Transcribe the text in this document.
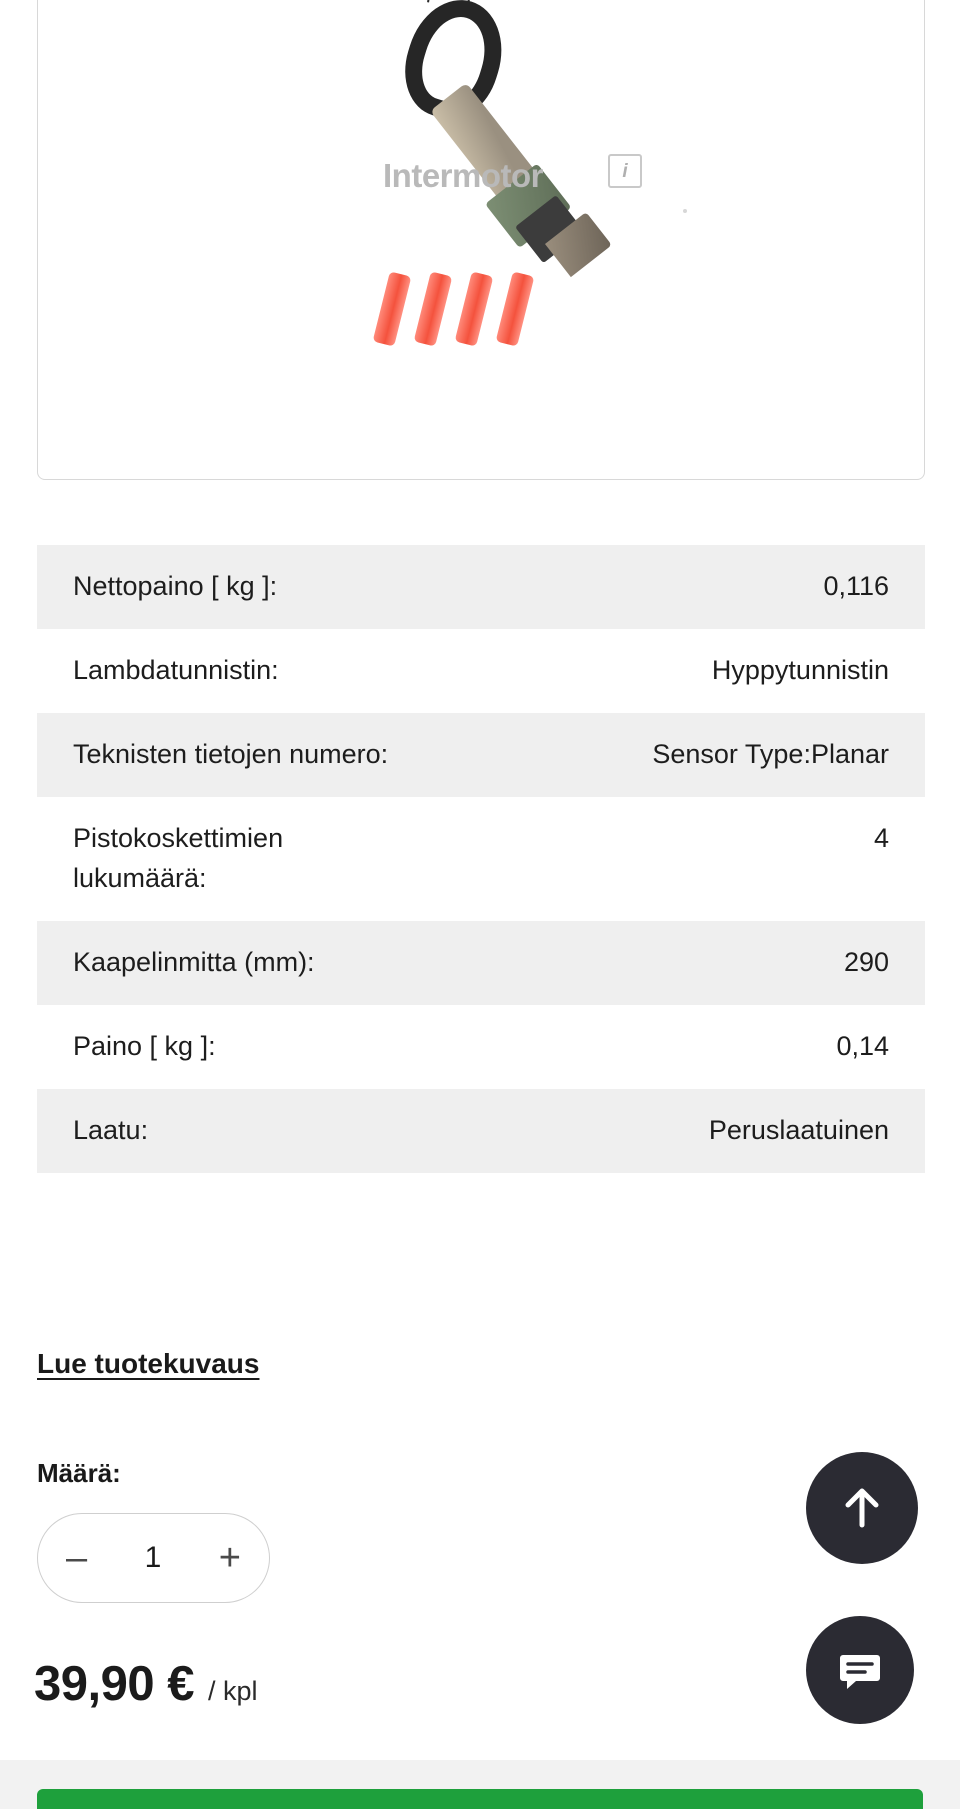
Intermotor	i
Nettopaino [ kg ]:	0,116
Lambdatunnistin:	Hyppytunnistin
Teknisten tietojen numero:	Sensor Type:Planar
Pistokoskettimien lukumäärä:
4
Kaapelinmitta (mm):	290
Paino [ kg ]:	0,14
Laatu:	Peruslaatuinen
Lue tuotekuvaus
Määrä:
– 1 +
39,90 € / kpl
